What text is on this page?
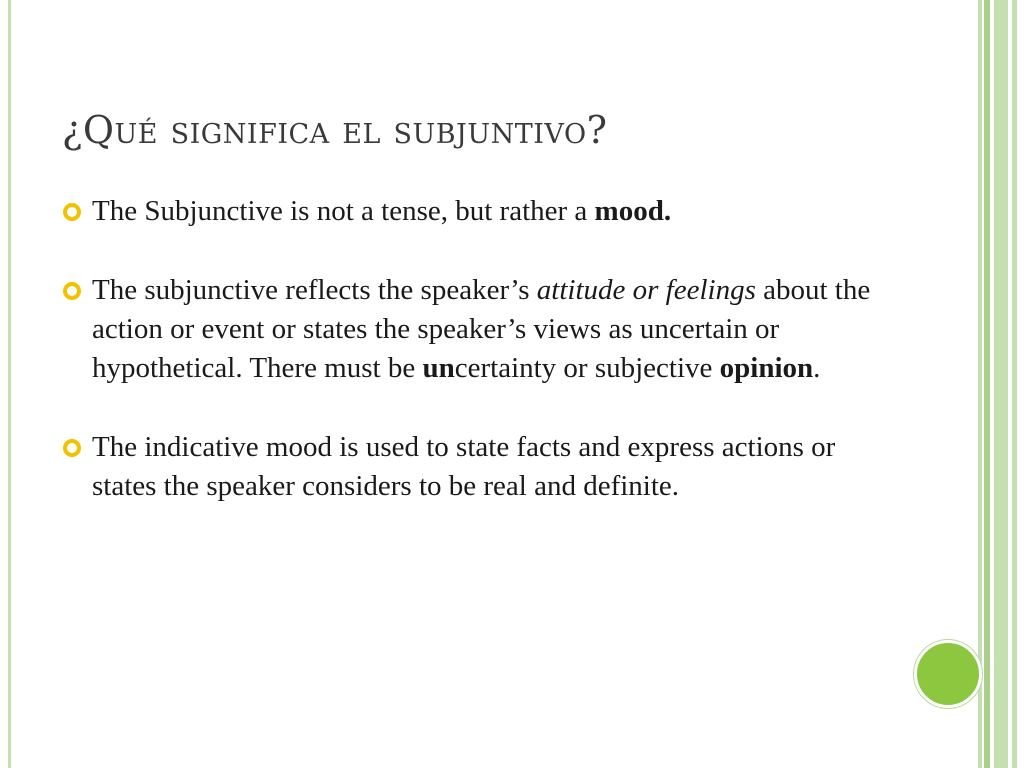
¿Qué significa el subjuntivo?
The Subjunctive is not a tense, but rather a mood.
The subjunctive reflects the speaker’s attitude or feelings about the action or event or states the speaker’s views as uncertain or hypothetical. There must be uncertainty or subjective opinion.
The indicative mood is used to state facts and express actions or states the speaker considers to be real and definite.
